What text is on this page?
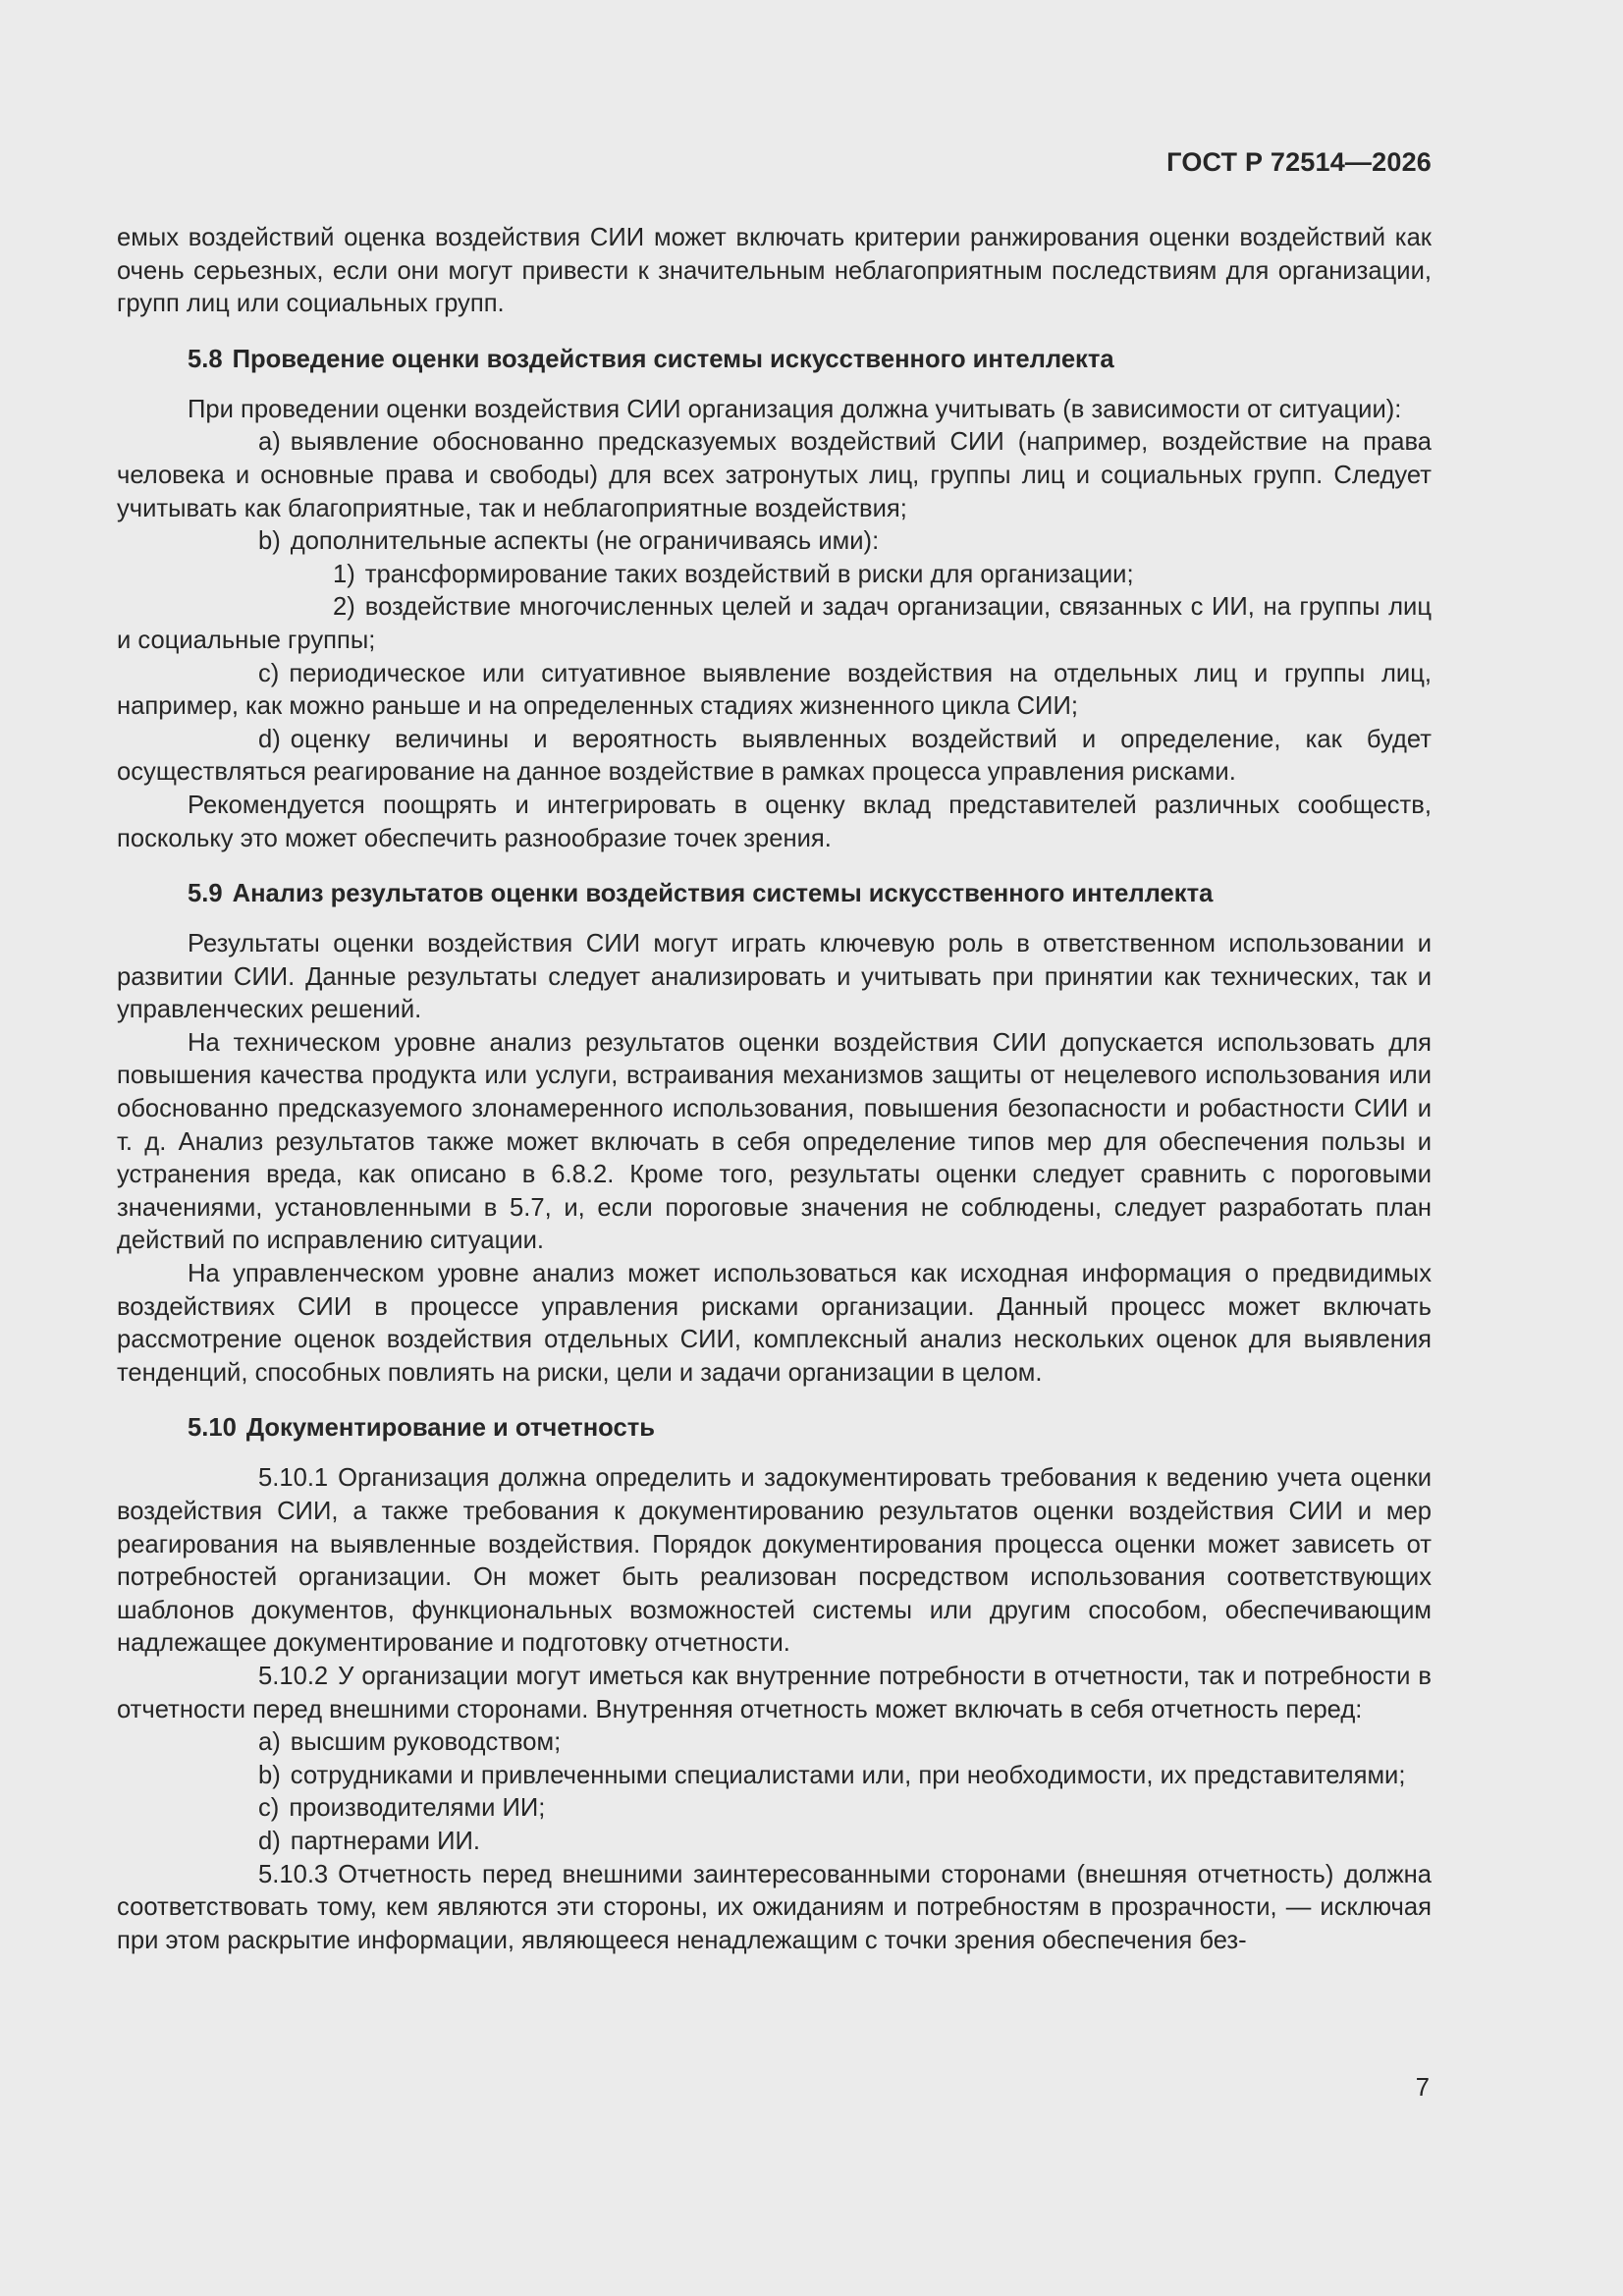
ГОСТ Р 72514—2026

емых воздействий оценка воздействия СИИ может включать критерии ранжирования оценки воздействий как очень серьезных, если они могут привести к значительным неблагоприятным последствиям для организации, групп лиц или социальных групп.

5.8 Проведение оценки воздействия системы искусственного интеллекта

При проведении оценки воздействия СИИ организация должна учитывать (в зависимости от ситуации):

a) выявление обоснованно предсказуемых воздействий СИИ (например, воздействие на права человека и основные права и свободы) для всех затронутых лиц, группы лиц и социальных групп. Следует учитывать как благоприятные, так и неблагоприятные воздействия;

b) дополнительные аспекты (не ограничиваясь ими):

1) трансформирование таких воздействий в риски для организации;

2) воздействие многочисленных целей и задач организации, связанных с ИИ, на группы лиц и социальные группы;

c) периодическое или ситуативное выявление воздействия на отдельных лиц и группы лиц, например, как можно раньше и на определенных стадиях жизненного цикла СИИ;

d) оценку величины и вероятность выявленных воздействий и определение, как будет осуществляться реагирование на данное воздействие в рамках процесса управления рисками.

Рекомендуется поощрять и интегрировать в оценку вклад представителей различных сообществ, поскольку это может обеспечить разнообразие точек зрения.

5.9 Анализ результатов оценки воздействия системы искусственного интеллекта

Результаты оценки воздействия СИИ могут играть ключевую роль в ответственном использовании и развитии СИИ. Данные результаты следует анализировать и учитывать при принятии как технических, так и управленческих решений.

На техническом уровне анализ результатов оценки воздействия СИИ допускается использовать для повышения качества продукта или услуги, встраивания механизмов защиты от нецелевого использования или обоснованно предсказуемого злонамеренного использования, повышения безопасности и робастности СИИ и т. д. Анализ результатов также может включать в себя определение типов мер для обеспечения пользы и устранения вреда, как описано в 6.8.2. Кроме того, результаты оценки следует сравнить с пороговыми значениями, установленными в 5.7, и, если пороговые значения не соблюдены, следует разработать план действий по исправлению ситуации.

На управленческом уровне анализ может использоваться как исходная информация о предвидимых воздействиях СИИ в процессе управления рисками организации. Данный процесс может включать рассмотрение оценок воздействия отдельных СИИ, комплексный анализ нескольких оценок для выявления тенденций, способных повлиять на риски, цели и задачи организации в целом.

5.10 Документирование и отчетность

5.10.1 Организация должна определить и задокументировать требования к ведению учета оценки воздействия СИИ, а также требования к документированию результатов оценки воздействия СИИ и мер реагирования на выявленные воздействия. Порядок документирования процесса оценки может зависеть от потребностей организации. Он может быть реализован посредством использования соответствующих шаблонов документов, функциональных возможностей системы или другим способом, обеспечивающим надлежащее документирование и подготовку отчетности.

5.10.2 У организации могут иметься как внутренние потребности в отчетности, так и потребности в отчетности перед внешними сторонами. Внутренняя отчетность может включать в себя отчетность перед:

a) высшим руководством;

b) сотрудниками и привлеченными специалистами или, при необходимости, их представителями;

c) производителями ИИ;

d) партнерами ИИ.

5.10.3 Отчетность перед внешними заинтересованными сторонами (внешняя отчетность) должна соответствовать тому, кем являются эти стороны, их ожиданиям и потребностям в прозрачности, — исключая при этом раскрытие информации, являющееся ненадлежащим с точки зрения обеспечения без-

7
